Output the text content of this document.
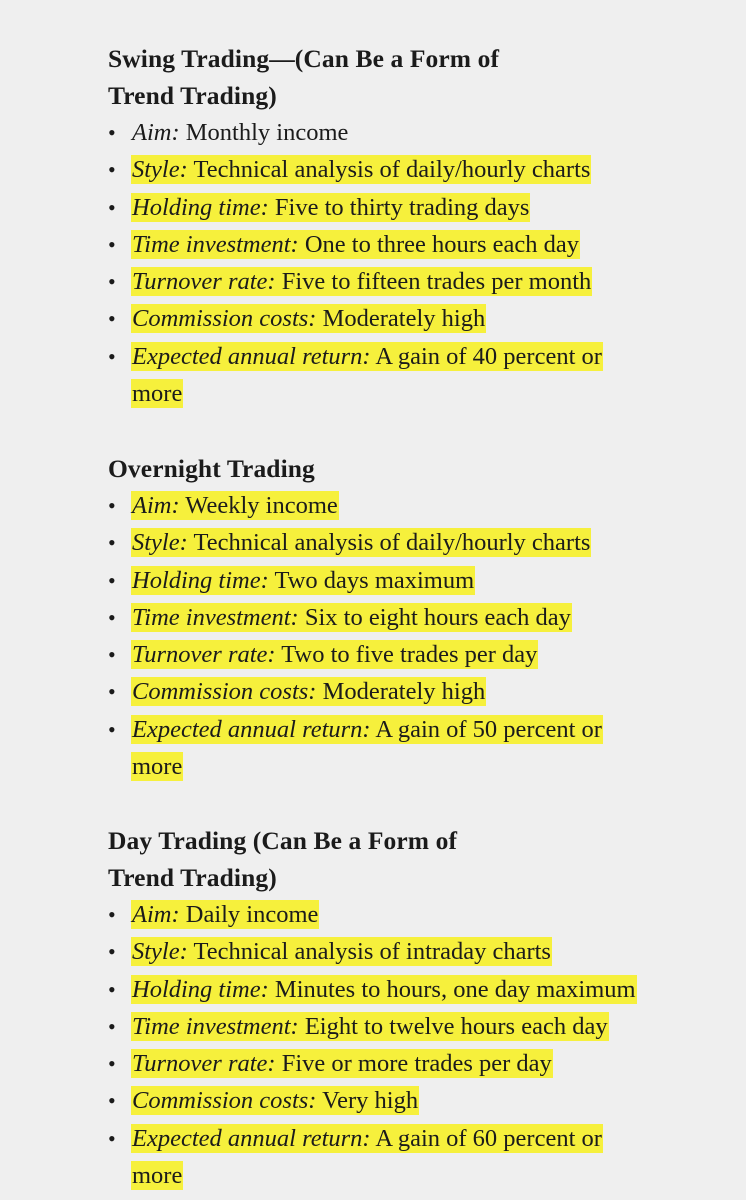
Swing Trading—(Can Be a Form of
Trend Trading)
• Aim: Monthly income
• Style: Technical analysis of daily/hourly charts
• Holding time: Five to thirty trading days
• Time investment: One to three hours each day
• Turnover rate: Five to fifteen trades per month
• Commission costs: Moderately high
• Expected annual return: A gain of 40 percent or more
Overnight Trading
• Aim: Weekly income
• Style: Technical analysis of daily/hourly charts
• Holding time: Two days maximum
• Time investment: Six to eight hours each day
• Turnover rate: Two to five trades per day
• Commission costs: Moderately high
• Expected annual return: A gain of 50 percent or more
Day Trading (Can Be a Form of
Trend Trading)
• Aim: Daily income
• Style: Technical analysis of intraday charts
• Holding time: Minutes to hours, one day maximum
• Time investment: Eight to twelve hours each day
• Turnover rate: Five or more trades per day
• Commission costs: Very high
• Expected annual return: A gain of 60 percent or more
